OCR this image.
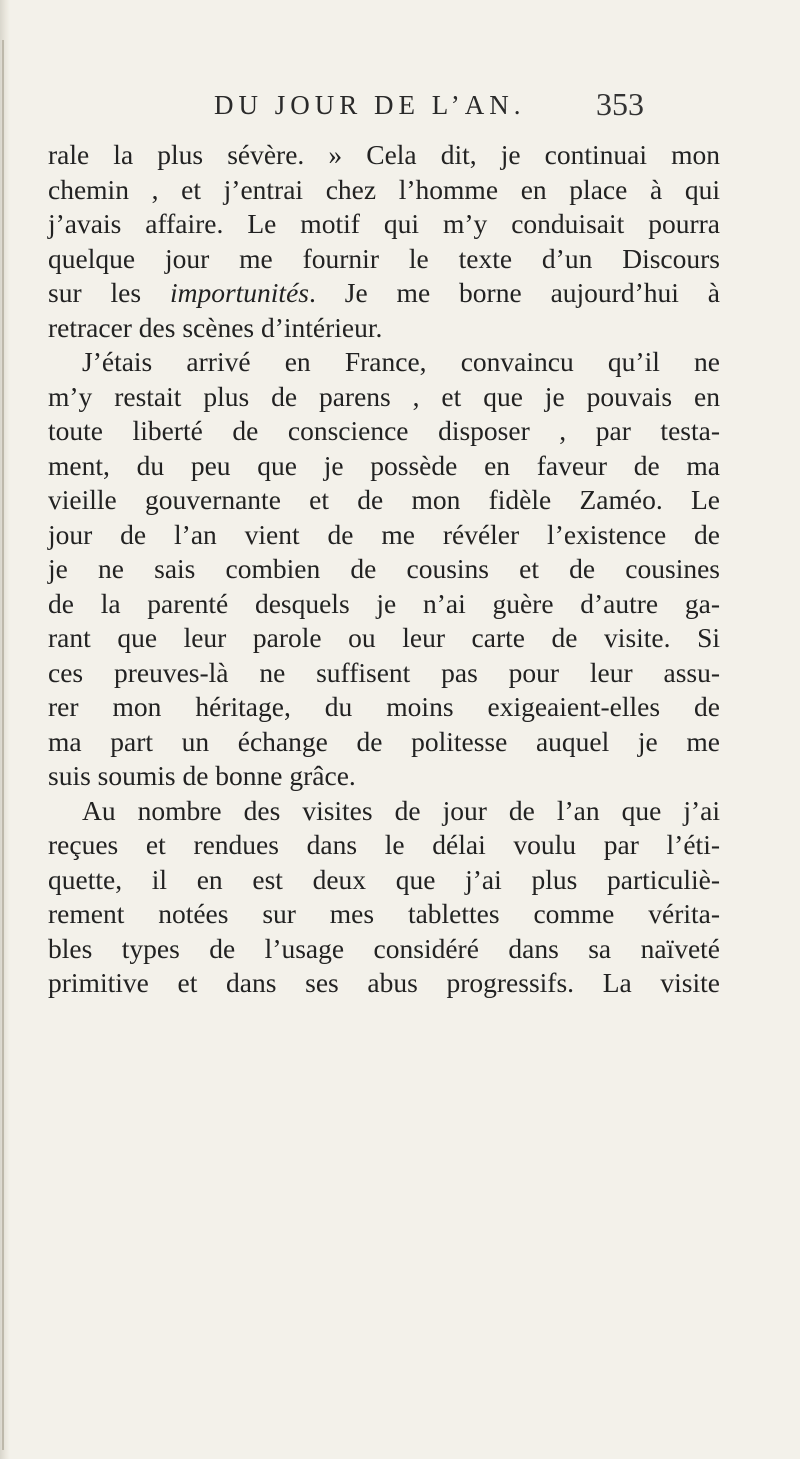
DU JOUR DE L’AN. 353
rale la plus sévère. » Cela dit, je continuai mon
chemin , et j’entrai chez l’homme en place à qui
j’avais affaire. Le motif qui m’y conduisait pourra
quelque jour me fournir le texte d’un Discours
sur les importunités. Je me borne aujourd’hui à
retracer des scènes d’intérieur.
J’étais arrivé en France, convaincu qu’il ne
m’y restait plus de parens , et que je pouvais en
toute liberté de conscience disposer , par testa-
ment, du peu que je possède en faveur de ma
vieille gouvernante et de mon fidèle Zaméo. Le
jour de l’an vient de me révéler l’existence de
je ne sais combien de cousins et de cousines
de la parenté desquels je n’ai guère d’autre ga-
rant que leur parole ou leur carte de visite. Si
ces preuves-là ne suffisent pas pour leur assu-
rer mon héritage, du moins exigeaient-elles de
ma part un échange de politesse auquel je me
suis soumis de bonne grâce.
Au nombre des visites de jour de l’an que j’ai
reçues et rendues dans le délai voulu par l’éti-
quette, il en est deux que j’ai plus particuliè-
rement notées sur mes tablettes comme vérita-
bles types de l’usage considéré dans sa naïveté
primitive et dans ses abus progressifs. La visite
